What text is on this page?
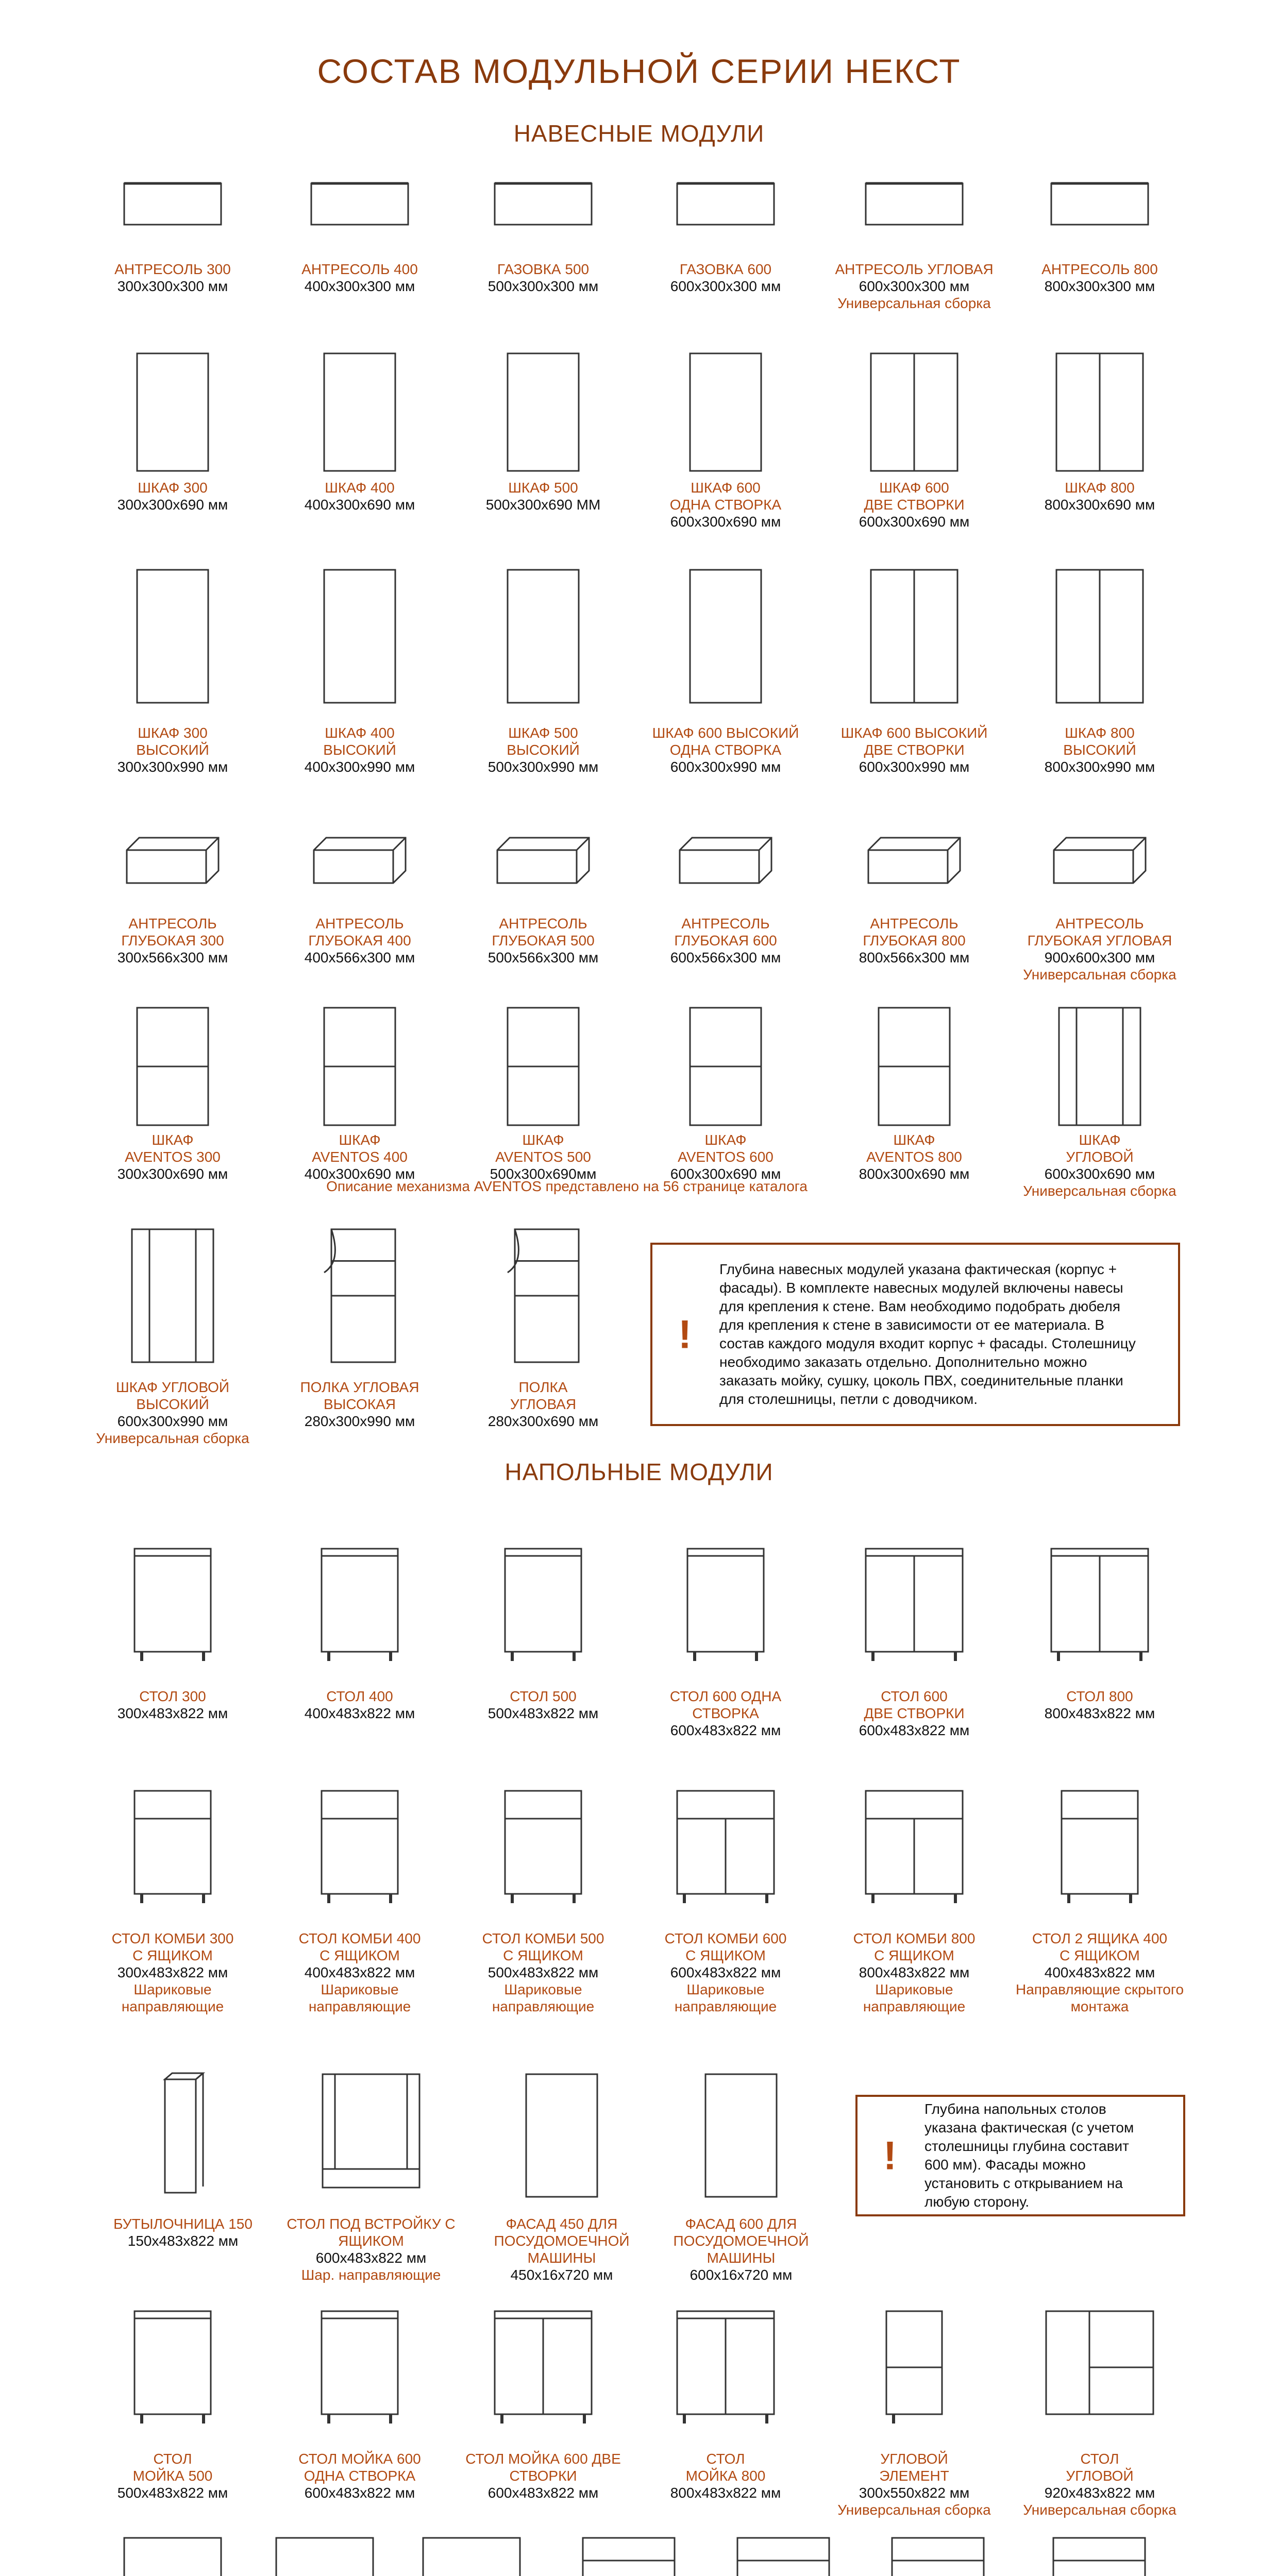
СОСТАВ МОДУЛЬНОЙ СЕРИИ НЕКСТ
НАВЕСНЫЕ МОДУЛИ
НАПОЛЬНЫЕ МОДУЛИ
АНТРЕСОЛЬ 300
300х300х300 мм
АНТРЕСОЛЬ 400
400х300х300 мм
ГАЗОВКА 500
500х300х300 мм
ГАЗОВКА 600
600х300х300 мм
АНТРЕСОЛЬ УГЛОВАЯ
600х300х300 мм
Универсальная сборка
АНТРЕСОЛЬ 800
800х300х300 мм
ШКАФ 300
300х300х690 мм
ШКАФ 400
400х300х690 мм
ШКАФ 500
500х300х690 ММ
ШКАФ 600
ОДНА СТВОРКА
600х300х690 мм
ШКАФ 600
ДВЕ СТВОРКИ
600х300х690 мм
ШКАФ 800
800х300х690 мм
ШКАФ 300
ВЫСОКИЙ
300х300х990 мм
ШКАФ 400
ВЫСОКИЙ
400х300х990 мм
ШКАФ 500
ВЫСОКИЙ
500х300х990 мм
ШКАФ 600 ВЫСОКИЙ
ОДНА СТВОРКА
600х300х990 мм
ШКАФ 600 ВЫСОКИЙ
ДВЕ СТВОРКИ
600х300х990 мм
ШКАФ 800
ВЫСОКИЙ
800х300х990 мм
АНТРЕСОЛЬ
ГЛУБОКАЯ 300
300х566х300 мм
АНТРЕСОЛЬ
ГЛУБОКАЯ 400
400х566х300 мм
АНТРЕСОЛЬ
ГЛУБОКАЯ 500
500х566х300 мм
АНТРЕСОЛЬ
ГЛУБОКАЯ 600
600х566х300 мм
АНТРЕСОЛЬ
ГЛУБОКАЯ 800
800х566х300 мм
АНТРЕСОЛЬ
ГЛУБОКАЯ УГЛОВАЯ
900х600х300 мм
Универсальная сборка
ШКАФ
AVENTOS 300
300х300х690 мм
ШКАФ
AVENTOS 400
400х300х690 мм
ШКАФ
AVENTOS 500
500х300х690мм
ШКАФ
AVENTOS 600
600х300х690 мм
ШКАФ
AVENTOS 800
800х300х690 мм
ШКАФ
УГЛОВОЙ
600х300х690 мм
Универсальная сборка
ШКАФ УГЛОВОЙ
ВЫСОКИЙ
600х300х990 мм
Универсальная сборка
ПОЛКА УГЛОВАЯ
ВЫСОКАЯ
280х300х990 мм
ПОЛКА
УГЛОВАЯ
280х300х690 мм
СТОЛ 300
300х483х822 мм
СТОЛ 400
400х483х822 мм
СТОЛ 500
500х483х822 мм
СТОЛ 600 ОДНА
СТВОРКА
600х483х822 мм
СТОЛ 600
ДВЕ СТВОРКИ
600х483х822 мм
СТОЛ 800
800х483х822 мм
СТОЛ КОМБИ 300
С ЯЩИКОМ
300х483х822 мм
Шариковые
направляющие
СТОЛ КОМБИ 400
С ЯЩИКОМ
400х483х822 мм
Шариковые
направляющие
СТОЛ КОМБИ 500
С ЯЩИКОМ
500х483х822 мм
Шариковые
направляющие
СТОЛ КОМБИ 600
С ЯЩИКОМ
600х483х822 мм
Шариковые
направляющие
СТОЛ КОМБИ 800
С ЯЩИКОМ
800х483х822 мм
Шариковые
направляющие
СТОЛ 2 ЯЩИКА 400
С ЯЩИКОМ
400х483х822 мм
Направляющие скрытого
монтажа
БУТЫЛОЧНИЦА 150
150х483х822 мм
СТОЛ ПОД ВСТРОЙКУ С
ЯЩИКОМ
600х483х822 мм
Шар. направляющие
ФАСАД 450 ДЛЯ
ПОСУДОМОЕЧНОЙ
МАШИНЫ
450х16х720 мм
ФАСАД 600 ДЛЯ
ПОСУДОМОЕЧНОЙ
МАШИНЫ
600х16х720 мм
СТОЛ
МОЙКА 500
500х483х822 мм
СТОЛ МОЙКА 600
ОДНА СТВОРКА
600х483х822 мм
СТОЛ МОЙКА 600 ДВЕ
СТВОРКИ
600х483х822 мм
СТОЛ
МОЙКА 800
800х483х822 мм
УГЛОВОЙ
ЭЛЕМЕНТ
300х550х822 мм
Универсальная сборка
СТОЛ
УГЛОВОЙ
920х483х822 мм
Универсальная сборка
Описание механизма AVENTOS представлено на 56 странице каталога
!
Глубина навесных модулей указана фактическая (корпус + фасады). В комплекте навесных модулей включены навесы для крепления к стене. Вам необходимо подобрать дюбеля для крепления к стене в зависимости от ее материала. В состав каждого модуля входит корпус + фасады. Столешницу необходимо заказать отдельно. Дополнительно можно заказать мойку, сушку, цоколь ПВХ, соединительные планки для столешницы, петли с доводчиком.
!
Глубина напольных столов указана фактическая (с учетом столешницы глубина составит 600 мм). Фасады можно установить с открыванием на любую сторону.
